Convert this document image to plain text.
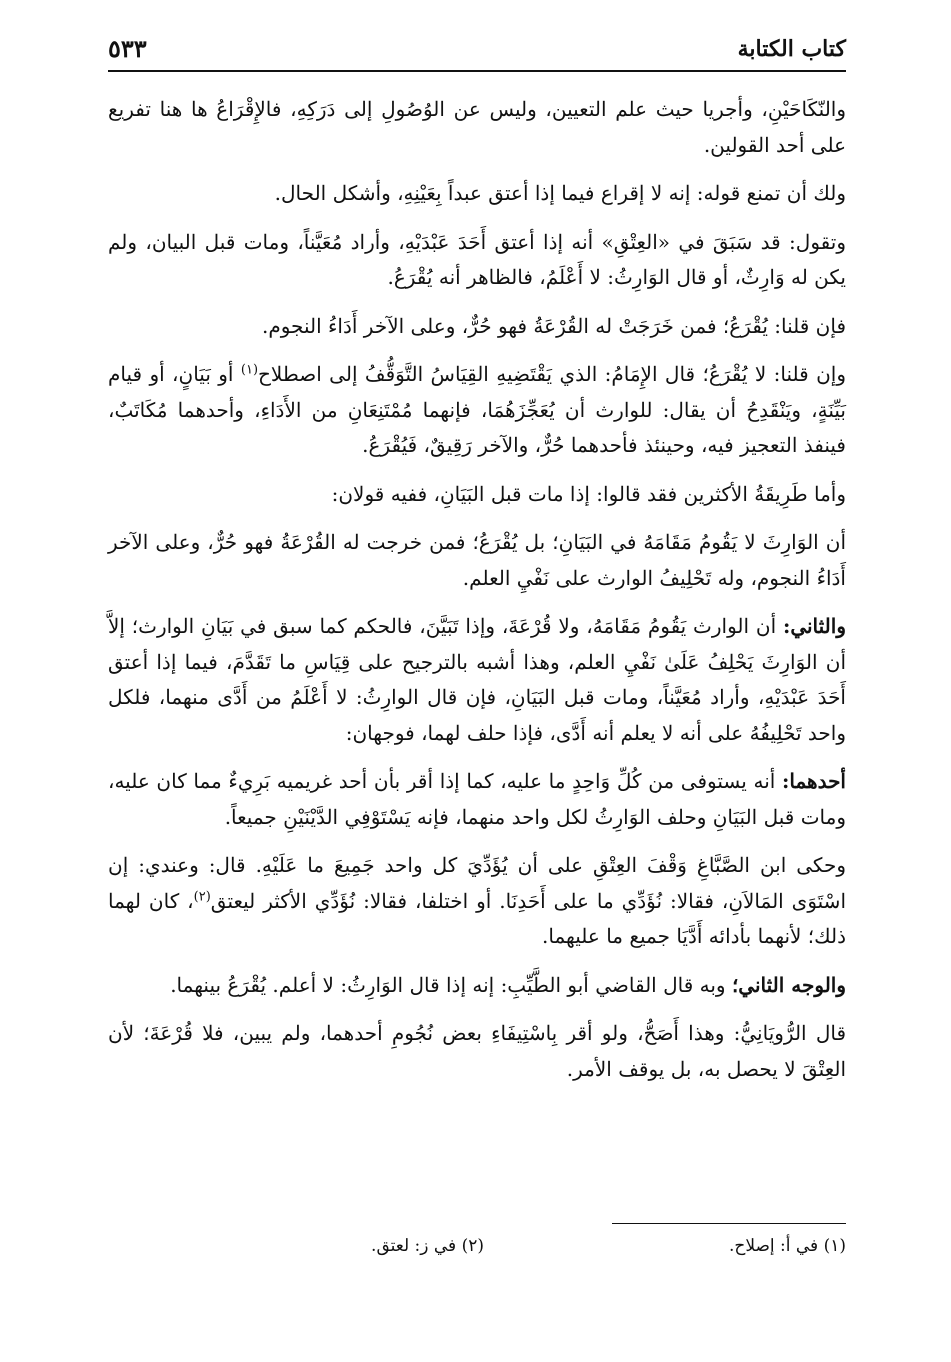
كتاب الكتابة
٥٣٣

والنّكَاحَيْنِ، وأجريا حيث علم التعيين، وليس عن الوُصُولِ إلى دَرَكِهِ، فالإِقْرَاعُ ها هنا تفريع على أحد القولين.

ولك أن تمنع قوله: إنه لا إقراع فيما إذا أعتق عبداً بِعَيْنِهِ، وأشكل الحال.

وتقول: قد سَبَقَ في «العِتْقِ» أنه إذا أعتق أَحَدَ عَبْدَيْهِ، وأراد مُعَيَّناً، ومات قبل البيان، ولم يكن له وَارِثٌ، أو قال الوَارِثُ: لا أَعْلَمُ، فالظاهر أنه يُقْرَعُ.

فإن قلنا: يُقْرَعُ؛ فمن خَرَجَتْ له القُرْعَةُ فهو حُرٌّ، وعلى الآخر أَدَاءُ النجوم.

وإن قلنا: لا يُقْرَعُ؛ قال الإِمَامُ: الذي يَقْتَضِيهِ القِيَاسُ التَّوَقُّفُ إلى اصطلاح$^{(١)}$ أو بَيَانٍ، أو قيام بَيِّنَةٍ، ويَنْقَدِحُ أن يقال: للوارث أن يُعَجِّزَهُمَا، فإنهما مُمْتَنِعَانِ من الأَدَاءِ، وأحدهما مُكَاتَبٌ، فينفذ التعجيز فيه، وحينئذ فأحدهما حُرٌّ، والآخر رَقِيقٌ، فَيُقْرَعُ.

وأما طَرِيقَةُ الأكثرين فقد قالوا: إذا مات قبل البَيَانِ، ففيه قولان:

أن الوَارِثَ لا يَقُومُ مَقَامَهُ في البَيَانِ؛ بل يُقْرَعُ؛ فمن خرجت له القُرْعَةُ فهو حُرٌّ، وعلى الآخر أَدَاءُ النجوم، وله تَحْلِيفُ الوارث على نَفْيِ العلم.

والثاني: أن الوارث يَقُومُ مَقَامَهُ، ولا قُرْعَةَ، وإذا تَبَيَّنَ، فالحكم كما سبق في بَيَانِ الوارث؛ إلاَّ أن الوَارِثَ يَحْلِفُ عَلَىٰ نَفْيِ العلم، وهذا أشبه بالترجيح على قِيَاسِ ما تَقَدَّمَ، فيما إذا أعتق أَحَدَ عَبْدَيْهِ، وأراد مُعَيَّناً، ومات قبل البَيَانِ، فإن قال الوارِثُ: لا أَعْلَمُ من أَدَّى منهما، فلكل واحد تَحْلِيفُهُ على أنه لا يعلم أنه أَدَّى، فإذا حلف لهما، فوجهان:

أحدهما: أنه يستوفى من كُلِّ وَاحِدٍ ما عليه، كما إذا أقر بأن أحد غريميه بَرِيءٌ مما كان عليه، ومات قبل البَيَانِ وحلف الوَارِثُ لكل واحد منهما، فإنه يَسْتَوْفِي الدَّيْنَيْنِ جميعاً.

وحكى ابن الصَّبَّاغِ وَقْفَ العِتْقِ على أن يُؤَدِّيَ كل واحد جَمِيعَ ما عَلَيْهِ. قال: وعندي: إن اسْتَوَى المَالاَنِ، فقالا: نُؤَدِّي ما على أَحَدِنَا. أو اختلفا، فقالا: نُؤَدِّي الأكثر ليعتق$^{(٢)}$، كان لهما ذلك؛ لأنهما بأدائه أَدَّيَا جميع ما عليهما.

والوجه الثاني؛ وبه قال القاضي أبو الطَّيِّبِ: إنه إذا قال الوَارِثُ: لا أعلم. يُقْرَعُ بينهما.

قال الرُّويَانِيُّ: وهذا أَصَحُّ، ولو أقر بِاسْتِيفَاءِ بعض نُجُومِ أحدهما، ولم يبين، فلا قُرْعَةَ؛ لأن العِتْقَ لا يحصل به، بل يوقف الأمر.

(١) في أ: إصلاح.
(٢) في ز: لعتق.
